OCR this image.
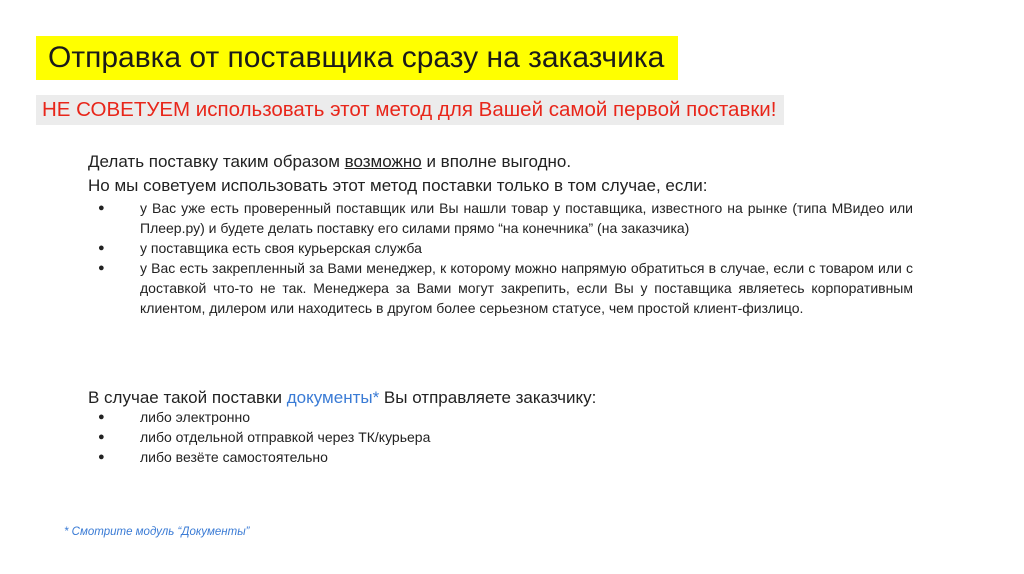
Отправка от поставщика сразу на заказчика
НЕ СОВЕТУЕМ использовать этот метод для Вашей самой первой поставки!
Делать поставку таким образом возможно и вполне выгодно.
Но мы советуем использовать этот метод поставки только в том случае, если:
●	у Вас уже есть проверенный поставщик или Вы нашли товар у поставщика, известного на рынке (типа МВидео или Плеер.ру) и будете делать поставку его силами прямо “на конечника” (на заказчика)
●	у поставщика есть своя курьерская служба
●	у Вас есть закрепленный за Вами менеджер, к которому можно напрямую обратиться в случае, если с товаром или с доставкой что-то не так. Менеджера за Вами могут закрепить, если Вы у поставщика являетесь корпоративным клиентом, дилером или находитесь в другом более серьезном статусе, чем простой клиент-физлицо.
В случае такой поставки документы* Вы отправляете заказчику:
●	либо электронно
●	либо отдельной отправкой через ТК/курьера
●	либо везёте самостоятельно
* Смотрите модуль “Документы”
